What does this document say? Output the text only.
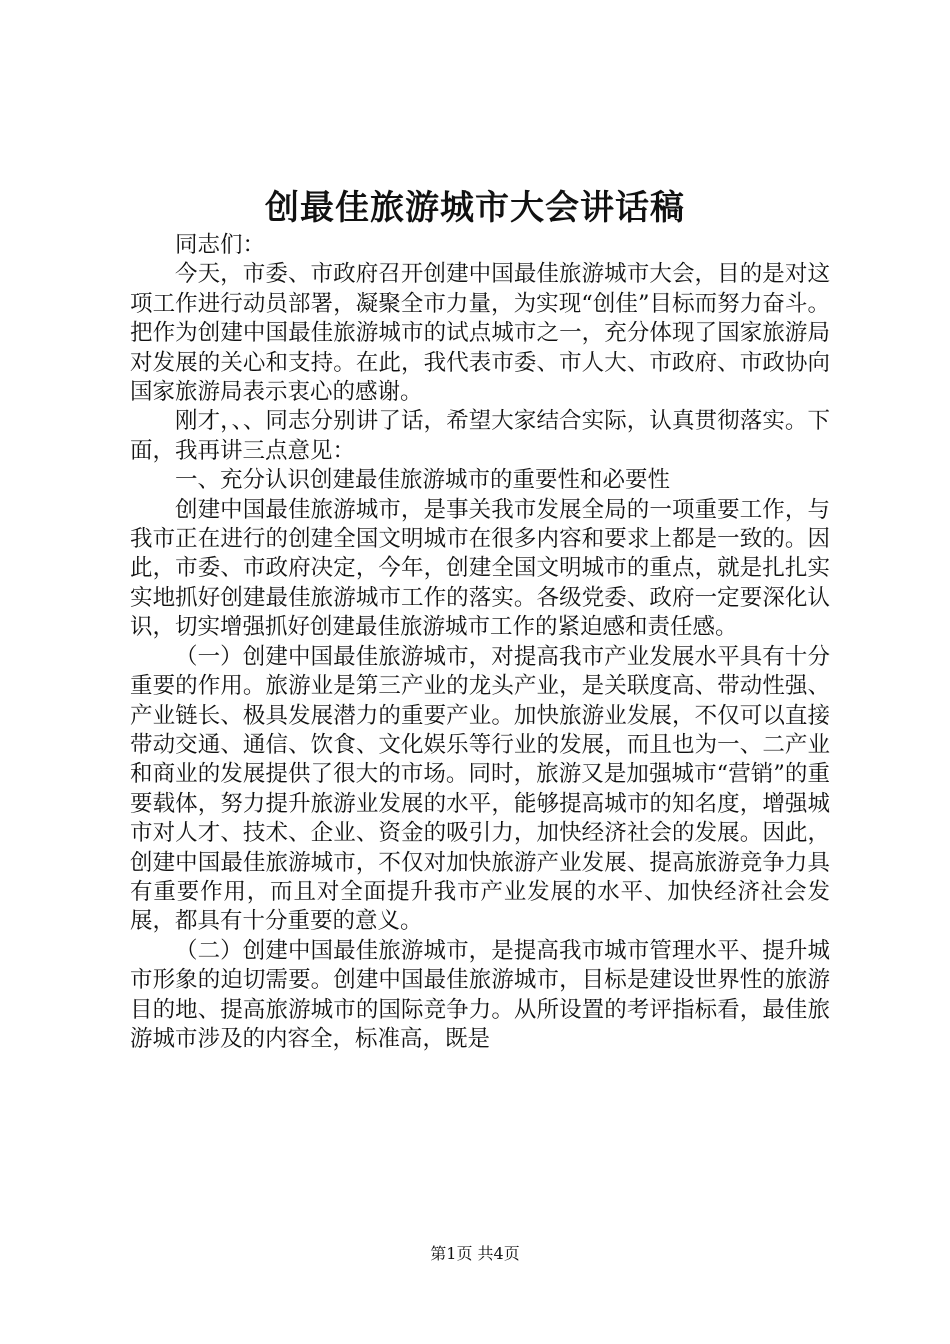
创最佳旅游城市大会讲话稿

同志们：

今天，市委、市政府召开创建中国最佳旅游城市大会，目的是对这项工作进行动员部署，凝聚全市力量，为实现“创佳”目标而努力奋斗。把作为创建中国最佳旅游城市的试点城市之一，充分体现了国家旅游局对发展的关心和支持。在此，我代表市委、市人大、市政府、市政协向国家旅游局表示衷心的感谢。

刚才，、、同志分别讲了话，希望大家结合实际，认真贯彻落实。下面，我再讲三点意见：

一、充分认识创建最佳旅游城市的重要性和必要性

创建中国最佳旅游城市，是事关我市发展全局的一项重要工作，与我市正在进行的创建全国文明城市在很多内容和要求上都是一致的。因此，市委、市政府决定，今年，创建全国文明城市的重点，就是扎扎实实地抓好创建最佳旅游城市工作的落实。各级党委、政府一定要深化认识，切实增强抓好创建最佳旅游城市工作的紧迫感和责任感。

（一）创建中国最佳旅游城市，对提高我市产业发展水平具有十分重要的作用。旅游业是第三产业的龙头产业，是关联度高、带动性强、产业链长、极具发展潜力的重要产业。加快旅游业发展，不仅可以直接带动交通、通信、饮食、文化娱乐等行业的发展，而且也为一、二产业和商业的发展提供了很大的市场。同时，旅游又是加强城市“营销”的重要载体，努力提升旅游业发展的水平，能够提高城市的知名度，增强城市对人才、技术、企业、资金的吸引力，加快经济社会的发展。因此，创建中国最佳旅游城市，不仅对加快旅游产业发展、提高旅游竞争力具有重要作用，而且对全面提升我市产业发展的水平、加快经济社会发展，都具有十分重要的意义。

（二）创建中国最佳旅游城市，是提高我市城市管理水平、提升城市形象的迫切需要。创建中国最佳旅游城市，目标是建设世界性的旅游目的地、提高旅游城市的国际竞争力。从所设置的考评指标看，最佳旅游城市涉及的内容全，标准高，既是

第1页 共4页
